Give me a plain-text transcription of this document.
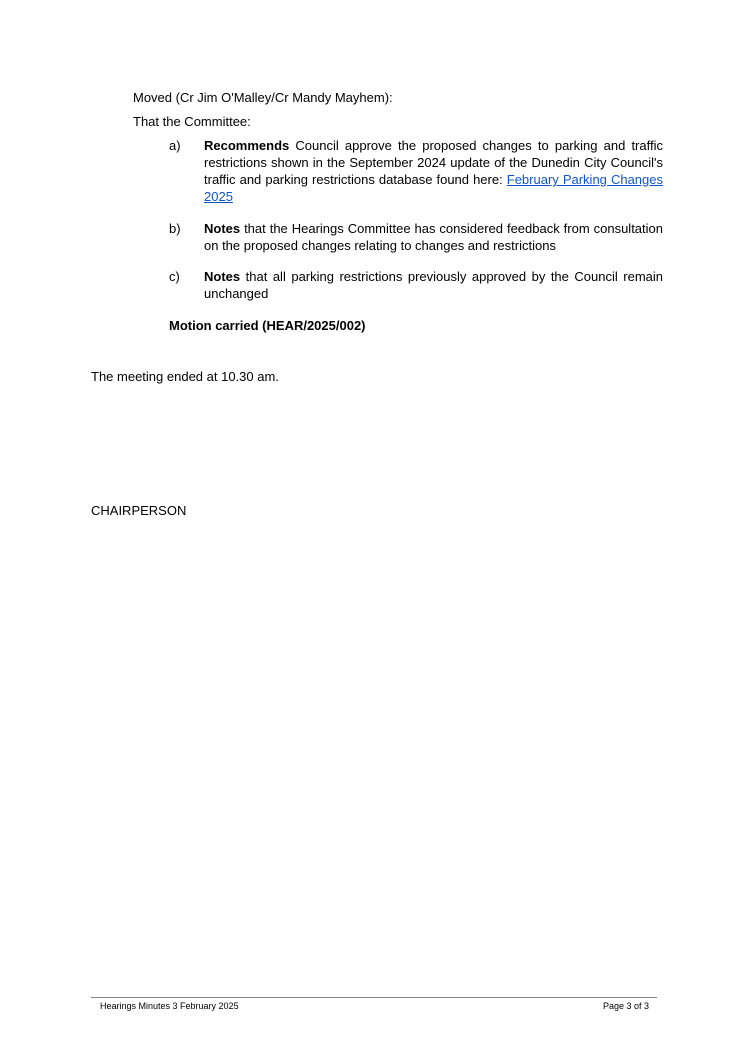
Moved (Cr Jim O'Malley/Cr Mandy Mayhem):
That the Committee:
a) Recommends Council approve the proposed changes to parking and traffic restrictions shown in the September 2024 update of the Dunedin City Council's traffic and parking restrictions database found here: February Parking Changes 2025
b) Notes that the Hearings Committee has considered feedback from consultation on the proposed changes relating to changes and restrictions
c) Notes that all parking restrictions previously approved by the Council remain unchanged
Motion carried (HEAR/2025/002)
The meeting ended at 10.30 am.
CHAIRPERSON
Hearings Minutes 3 February 2025	Page 3 of 3
